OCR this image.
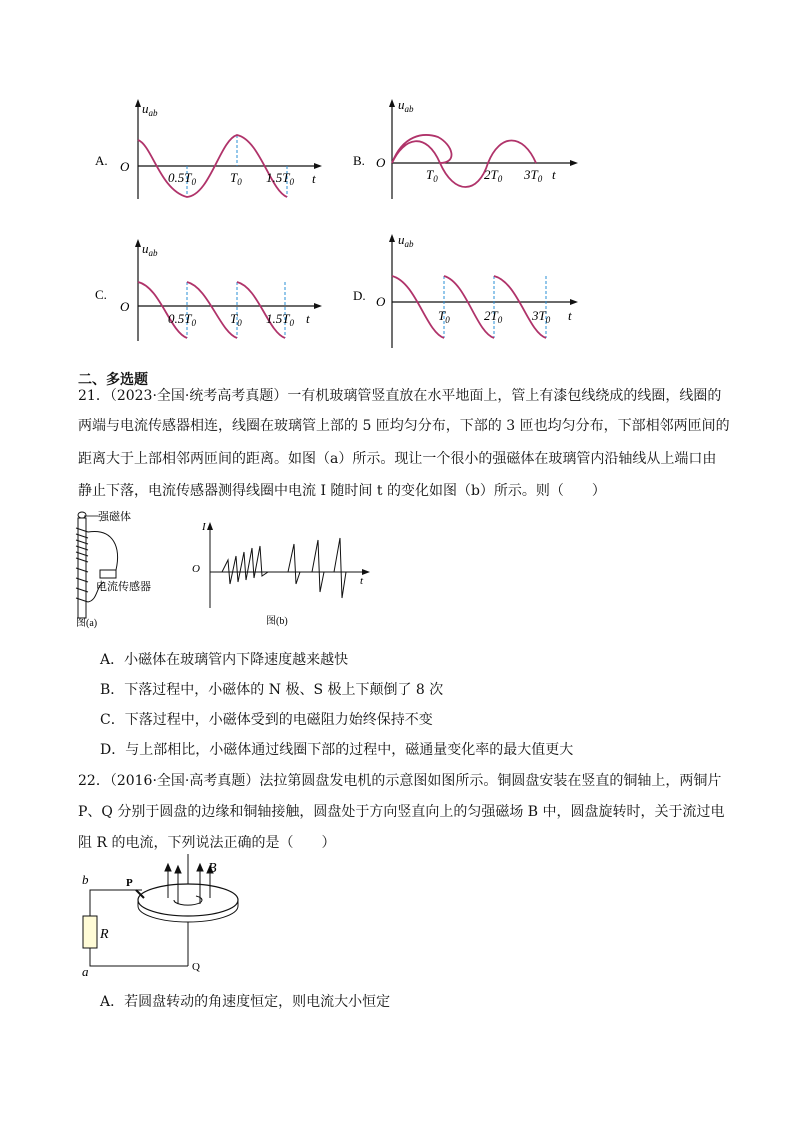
A.
$u_{ab}$
O
t
$0.5T_0$	$T_0$ $1.5T_0$
B.
$u_{ab}$
O
t
$T_0$	$2T_0$ $3T_0$
C.
$u_{ab}$
O
t
$0.5T_0$	$T_0$ $1.5T_0$
D.
$u_{ab}$
O
t
$T_0$	$2T_0$ $3T_0$
二、多选题
21．（2023·全国·统考高考真题）一有机玻璃管竖直放在水平地面上，管上有漆包线绕成的线圈，线圈的
两端与电流传感器相连，线圈在玻璃管上部的 5 匝均匀分布，下部的 3 匝也均匀分布，下部相邻两匝间的
距离大于上部相邻两匝间的距离。如图（a）所示。现让一个很小的强磁体在玻璃管内沿轴线从上端口由
静止下落，电流传感器测得线圈中电流 I 随时间 t 的变化如图（b）所示。则（　　）
强磁体
电流传感器
图(a)
I
O
t
图(b)
A．小磁体在玻璃管内下降速度越来越快
B．下落过程中，小磁体的 N 极、S 极上下颠倒了 8 次
C．下落过程中，小磁体受到的电磁阻力始终保持不变
D．与上部相比，小磁体通过线圈下部的过程中，磁通量变化率的最大值更大
22．（2016·全国·高考真题）法拉第圆盘发电机的示意图如图所示。铜圆盘安装在竖直的铜轴上，两铜片
P、Q 分别于圆盘的边缘和铜轴接触，圆盘处于方向竖直向上的匀强磁场 B 中，圆盘旋转时，关于流过电
阻 R 的电流，下列说法正确的是（　　）
R
b
a
P
Q
B
A．若圆盘转动的角速度恒定，则电流大小恒定
